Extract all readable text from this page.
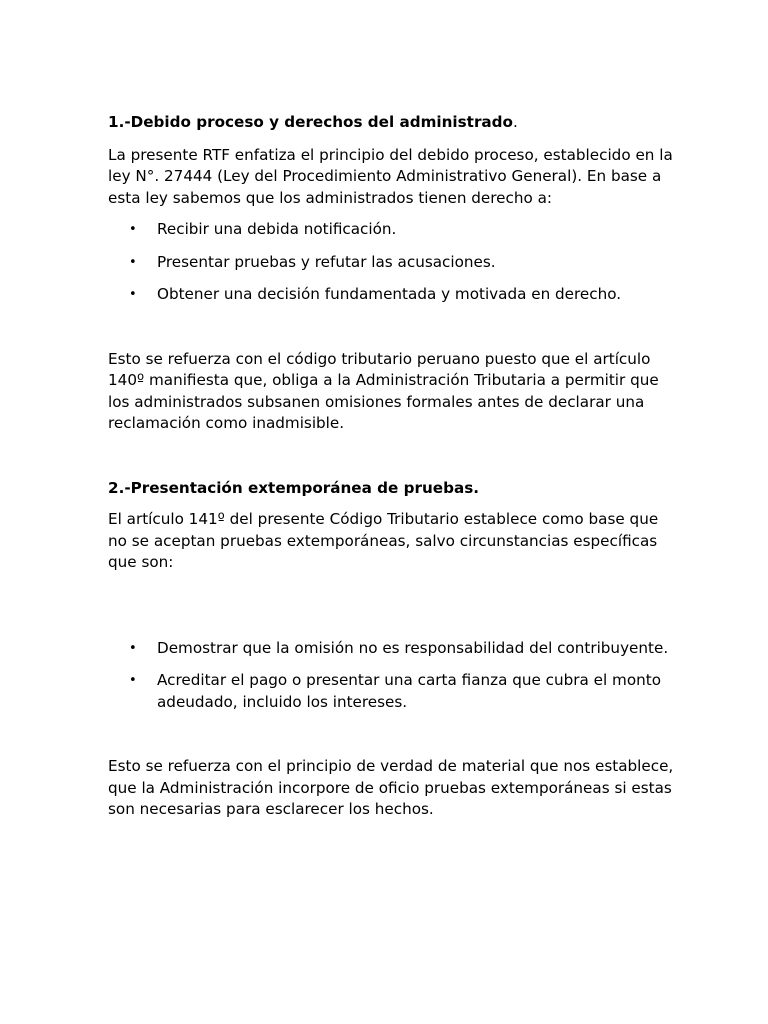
1.-Debido proceso y derechos del administrado.

La presente RTF enfatiza el principio del debido proceso, establecido en la ley N°. 27444 (Ley del Procedimiento Administrativo General). En base a esta ley sabemos que los administrados tienen derecho a:

• Recibir una debida notificación.
• Presentar pruebas y refutar las acusaciones.
• Obtener una decisión fundamentada y motivada en derecho.

Esto se refuerza con el código tributario peruano puesto que el artículo 140º manifiesta que, obliga a la Administración Tributaria a permitir que los administrados subsanen omisiones formales antes de declarar una reclamación como inadmisible.

2.-Presentación extemporánea de pruebas.

El artículo 141º del presente Código Tributario establece como base que no se aceptan pruebas extemporáneas, salvo circunstancias específicas que son:

• Demostrar que la omisión no es responsabilidad del contribuyente.
• Acreditar el pago o presentar una carta fianza que cubra el monto adeudado, incluido los intereses.

Esto se refuerza con el principio de verdad de material que nos establece, que la Administración incorpore de oficio pruebas extemporáneas si estas son necesarias para esclarecer los hechos.
